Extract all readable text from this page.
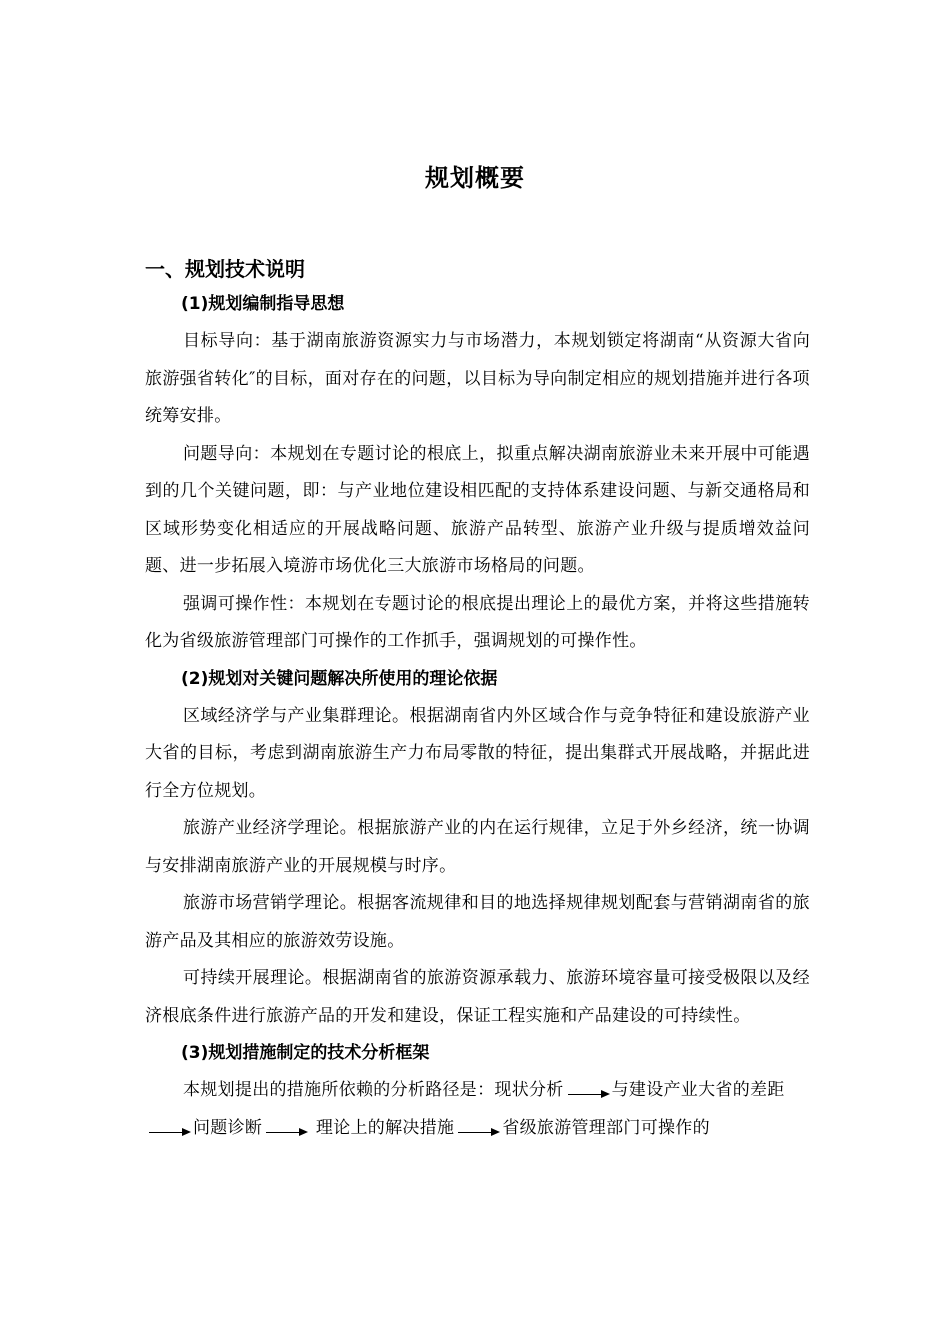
规划概要
一、规划技术说明
(1)规划编制指导思想

目标导向：基于湖南旅游资源实力与市场潜力，本规划锁定将湖南“从资源大省向旅游强省转化″的目标，面对存在的问题，以目标为导向制定相应的规划措施并进行各项统筹安排。

问题导向：本规划在专题讨论的根底上，拟重点解决湖南旅游业未来开展中可能遇到的几个关键问题，即：与产业地位建设相匹配的支持体系建设问题、与新交通格局和区域形势变化相适应的开展战略问题、旅游产品转型、旅游产业升级与提质增效益问题、进一步拓展入境游市场优化三大旅游市场格局的问题。

强调可操作性：本规划在专题讨论的根底提出理论上的最优方案，并将这些措施转化为省级旅游管理部门可操作的工作抓手，强调规划的可操作性。

(2)规划对关键问题解决所使用的理论依据

区域经济学与产业集群理论。根据湖南省内外区域合作与竞争特征和建设旅游产业大省的目标，考虑到湖南旅游生产力布局零散的特征，提出集群式开展战略，并据此进行全方位规划。

旅游产业经济学理论。根据旅游产业的内在运行规律，立足于外乡经济，统一协调与安排湖南旅游产业的开展规模与时序。

旅游市场营销学理论。根据客流规律和目的地选择规律规划配套与营销湖南省的旅游产品及其相应的旅游效劳设施。

可持续开展理论。根据湖南省的旅游资源承载力、旅游环境容量可接受极限以及经济根底条件进行旅游产品的开发和建设，保证工程实施和产品建设的可持续性。

(3)规划措施制定的技术分析框架

本规划提出的措施所依赖的分析路径是：现状分析	与建设产业大省的差距问题诊断	理论上的解决措施	省级旅游管理部门可操作的
